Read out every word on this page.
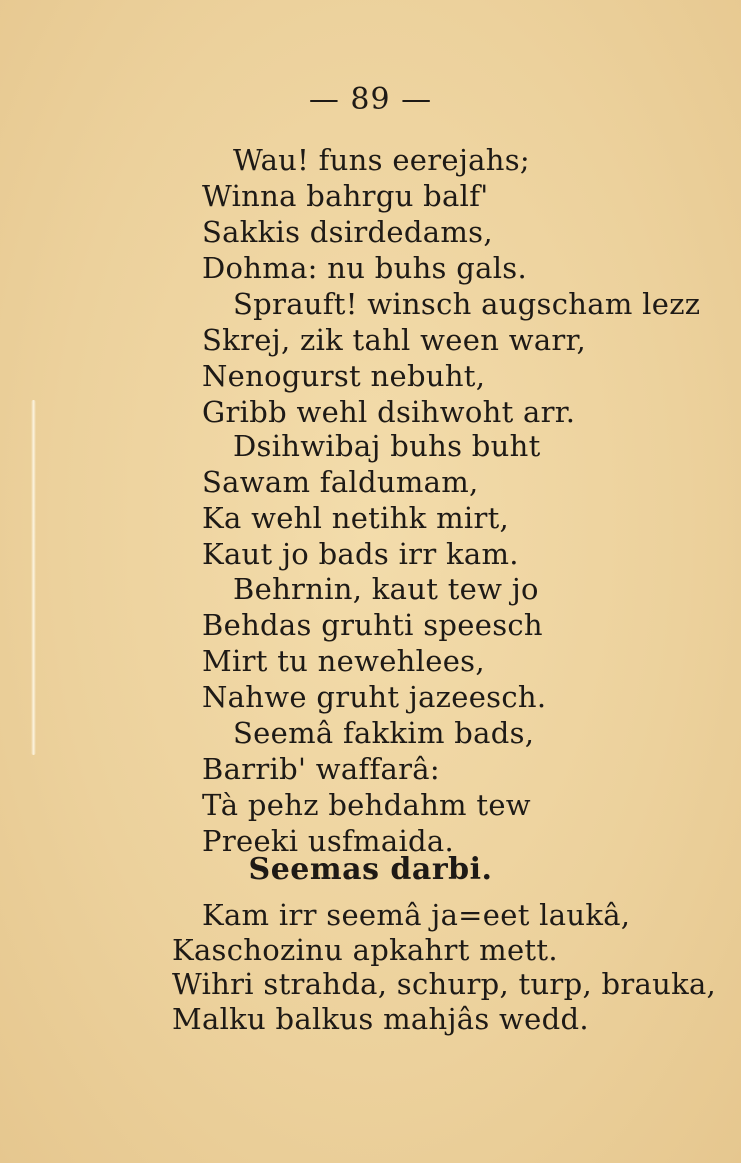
— 89 —
Wau! funs eerejahs;
Winna bahrgu balf'
Sakkis dsirdedams,
Dohma: nu buhs gals.
Sprauft! winsch augscham lezz
Skrej, zik tahl ween warr,
Nenogurst nebuht,
Gribb wehl dsihwoht arr.
Dsihwibaj buhs buht
Sawam faldumam,
Ka wehl netihk mirt,
Kaut jo bads irr kam.
Behrnin, kaut tew jo
Behdas gruhti speesch
Mirt tu newehlees,
Nahwe gruht jazeesch.
Seemâ fakkim bads,
Barrib' waffarâ:
Tà pehz behdahm tew
Preeki usfmaida.
Seemas darbi.
Kam irr seemâ ja=eet laukâ,
Kaschozinu apkahrt mett.
Wihri strahda, schurp, turp, brauka,
Malku balkus mahjâs wedd.
